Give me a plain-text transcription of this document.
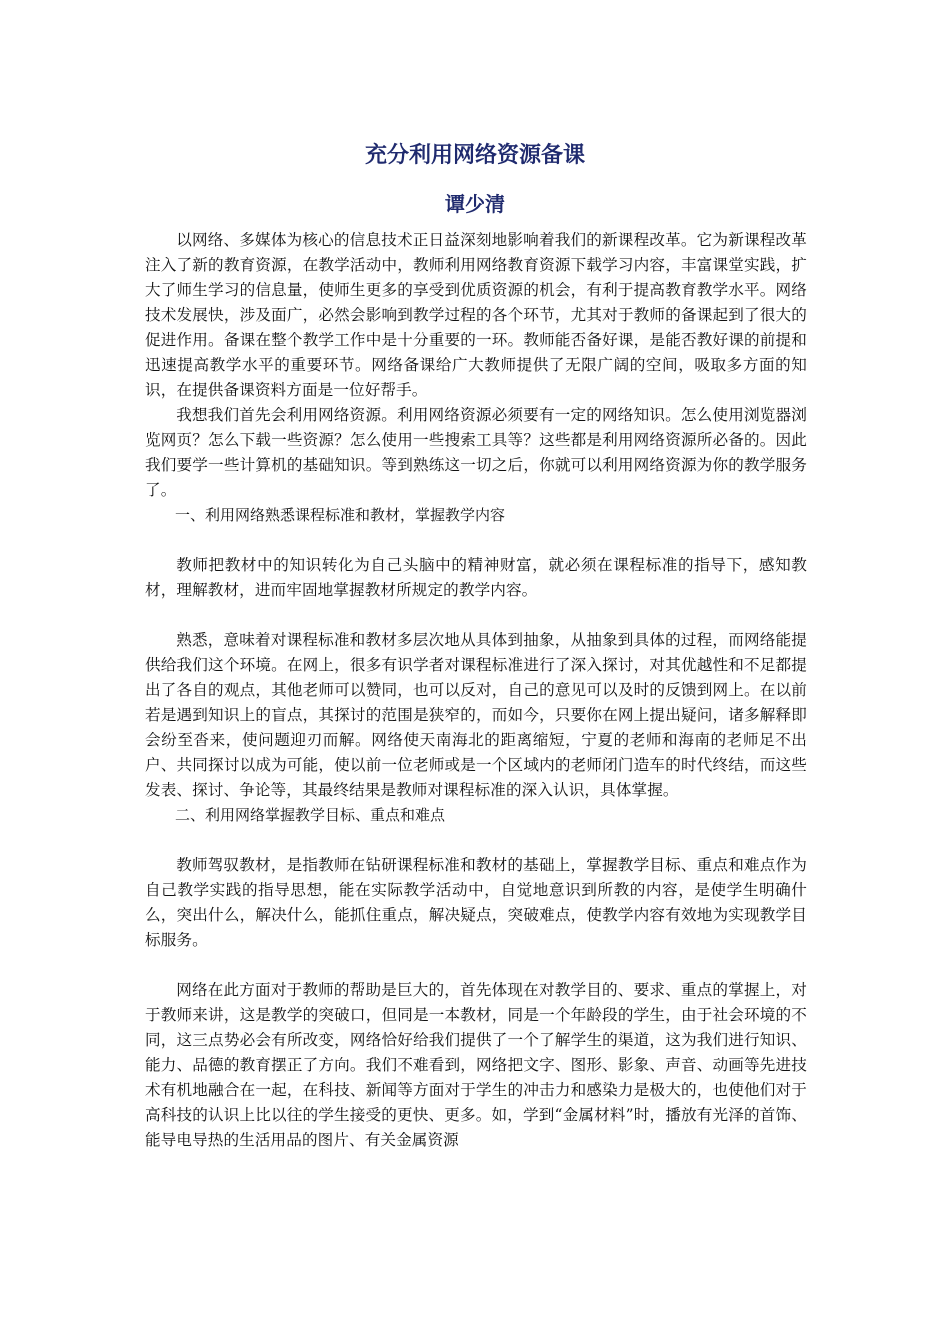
充分利用网络资源备课
谭少清

以网络、多媒体为核心的信息技术正日益深刻地影响着我们的新课程改革。它为新课程改革注入了新的教育资源，在教学活动中，教师利用网络教育资源下载学习内容，丰富课堂实践，扩大了师生学习的信息量，使师生更多的享受到优质资源的机会，有利于提高教育教学水平。网络技术发展快，涉及面广，必然会影响到教学过程的各个环节，尤其对于教师的备课起到了很大的促进作用。备课在整个教学工作中是十分重要的一环。教师能否备好课，是能否教好课的前提和迅速提高教学水平的重要环节。网络备课给广大教师提供了无限广阔的空间，吸取多方面的知识，在提供备课资料方面是一位好帮手。

我想我们首先会利用网络资源。利用网络资源必须要有一定的网络知识。怎么使用浏览器浏览网页？怎么下载一些资源？怎么使用一些搜索工具等？这些都是利用网络资源所必备的。因此我们要学一些计算机的基础知识。等到熟练这一切之后，你就可以利用网络资源为你的教学服务了。

一、利用网络熟悉课程标准和教材，掌握教学内容

教师把教材中的知识转化为自己头脑中的精神财富，就必须在课程标准的指导下，感知教材，理解教材，进而牢固地掌握教材所规定的教学内容。

熟悉，意味着对课程标准和教材多层次地从具体到抽象，从抽象到具体的过程，而网络能提供给我们这个环境。在网上，很多有识学者对课程标准进行了深入探讨，对其优越性和不足都提出了各自的观点，其他老师可以赞同，也可以反对，自己的意见可以及时的反馈到网上。在以前若是遇到知识上的盲点，其探讨的范围是狭窄的，而如今，只要你在网上提出疑问，诸多解释即会纷至沓来，使问题迎刃而解。网络使天南海北的距离缩短，宁夏的老师和海南的老师足不出户、共同探讨以成为可能，使以前一位老师或是一个区域内的老师闭门造车的时代终结，而这些发表、探讨、争论等，其最终结果是教师对课程标准的深入认识，具体掌握。

二、利用网络掌握教学目标、重点和难点

教师驾驭教材，是指教师在钻研课程标准和教材的基础上，掌握教学目标、重点和难点作为自己教学实践的指导思想，能在实际教学活动中，自觉地意识到所教的内容，是使学生明确什么，突出什么，解决什么，能抓住重点，解决疑点，突破难点，使教学内容有效地为实现教学目标服务。

网络在此方面对于教师的帮助是巨大的，首先体现在对教学目的、要求、重点的掌握上，对于教师来讲，这是教学的突破口，但同是一本教材，同是一个年龄段的学生，由于社会环境的不同，这三点势必会有所改变，网络恰好给我们提供了一个了解学生的渠道，这为我们进行知识、能力、品德的教育摆正了方向。我们不难看到，网络把文字、图形、影象、声音、动画等先进技术有机地融合在一起，在科技、新闻等方面对于学生的冲击力和感染力是极大的，也使他们对于高科技的认识上比以往的学生接受的更快、更多。如，学到“金属材料”时，播放有光泽的首饰、能导电导热的生活用品的图片、有关金属资源
